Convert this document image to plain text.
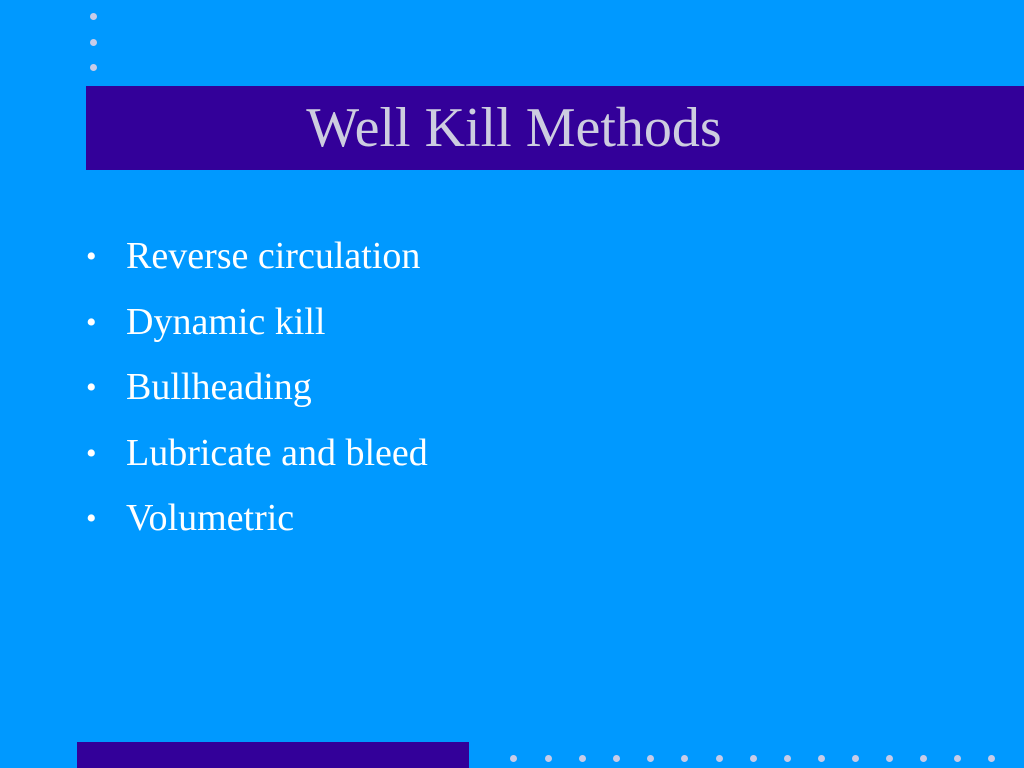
Well Kill Methods
• Reverse circulation
• Dynamic kill
• Bullheading
• Lubricate and bleed
• Volumetric
